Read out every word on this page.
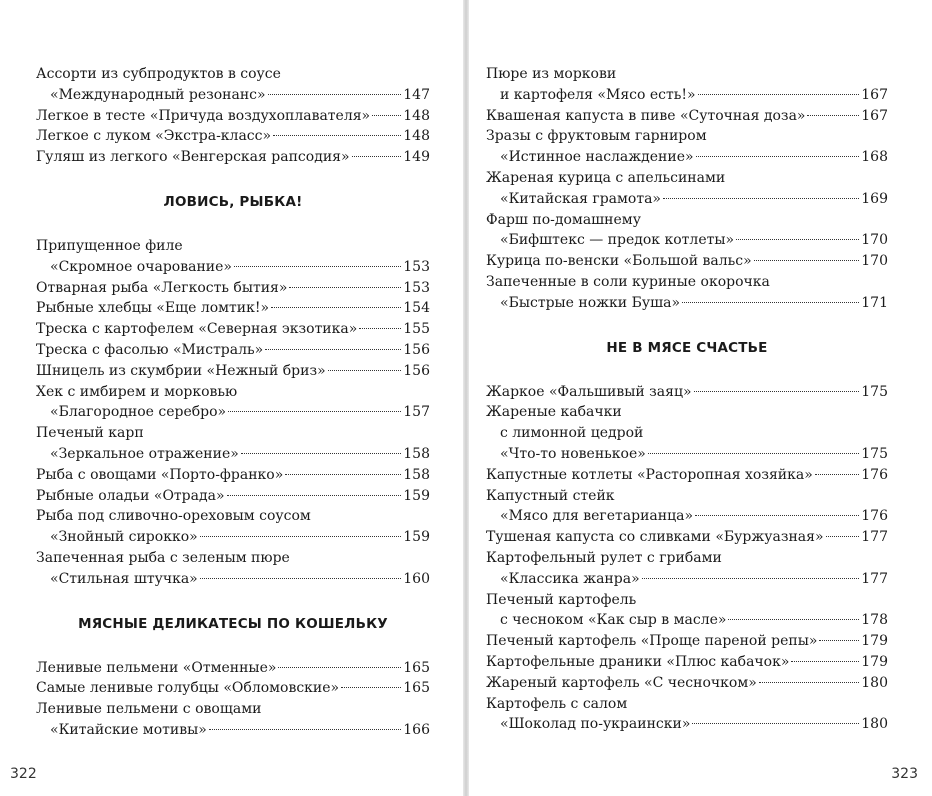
Ассорти из субпродуктов в соусе
«Международный резонанс»	147
Легкое в тесте «Причуда воздухоплавателя» 148
Легкое с луком «Экстра-класс»	148
Гуляш из легкого «Венгерская рапсодия»	149
ЛОВИСЬ, РЫБКА!
Припущенное филе
«Скромное очарование»	153
Отварная рыба «Легкость бытия»	153
Рыбные хлебцы «Еще ломтик!»	154
Треска с картофелем «Северная экзотика»	155
Треска с фасолью «Мистраль»	156
Шницель из скумбрии «Нежный бриз»	156
Хек с имбирем и морковью
«Благородное серебро»	157
Печеный карп
«Зеркальное отражение»	158
Рыба с овощами «Порто-франко»	158
Рыбные оладьи «Отрада»	159
Рыба под сливочно-ореховым соусом
«Знойный сирокко»	159
Запеченная рыба с зеленым пюре
«Стильная штучка»	160
МЯСНЫЕ ДЕЛИКАТЕСЫ ПО КОШЕЛЬКУ
Ленивые пельмени «Отменные»	165
Самые ленивые голубцы «Обломовские»	165
Ленивые пельмени с овощами
«Китайские мотивы»	166
322
Пюре из моркови
и картофеля «Мясо есть!»	167
Квашеная капуста в пиве «Суточная доза»	167
Зразы с фруктовым гарниром
«Истинное наслаждение»	168
Жареная курица с апельсинами
«Китайская грамота»	169
Фарш по-домашнему
«Бифштекс — предок котлеты»	170
Курица по-венски «Большой вальс»	170
Запеченные в соли куриные окорочка
«Быстрые ножки Буша»	171
НЕ В МЯСЕ СЧАСТЬЕ
Жаркое «Фальшивый заяц»	175
Жареные кабачки
с лимонной цедрой
«Что-то новенькое»	175
Капустные котлеты «Расторопная хозяйка»	176
Капустный стейк
«Мясо для вегетарианца»	176
Тушеная капуста со сливками «Буржуазная»	177
Картофельный рулет с грибами
«Классика жанра»	177
Печеный картофель
с чесноком «Как сыр в масле»	178
Печеный картофель «Проще пареной репы»	179
Картофельные драники «Плюс кабачок»	179
Жареный картофель «С чесночком»	180
Картофель с салом
«Шоколад по-украински»	180
323
